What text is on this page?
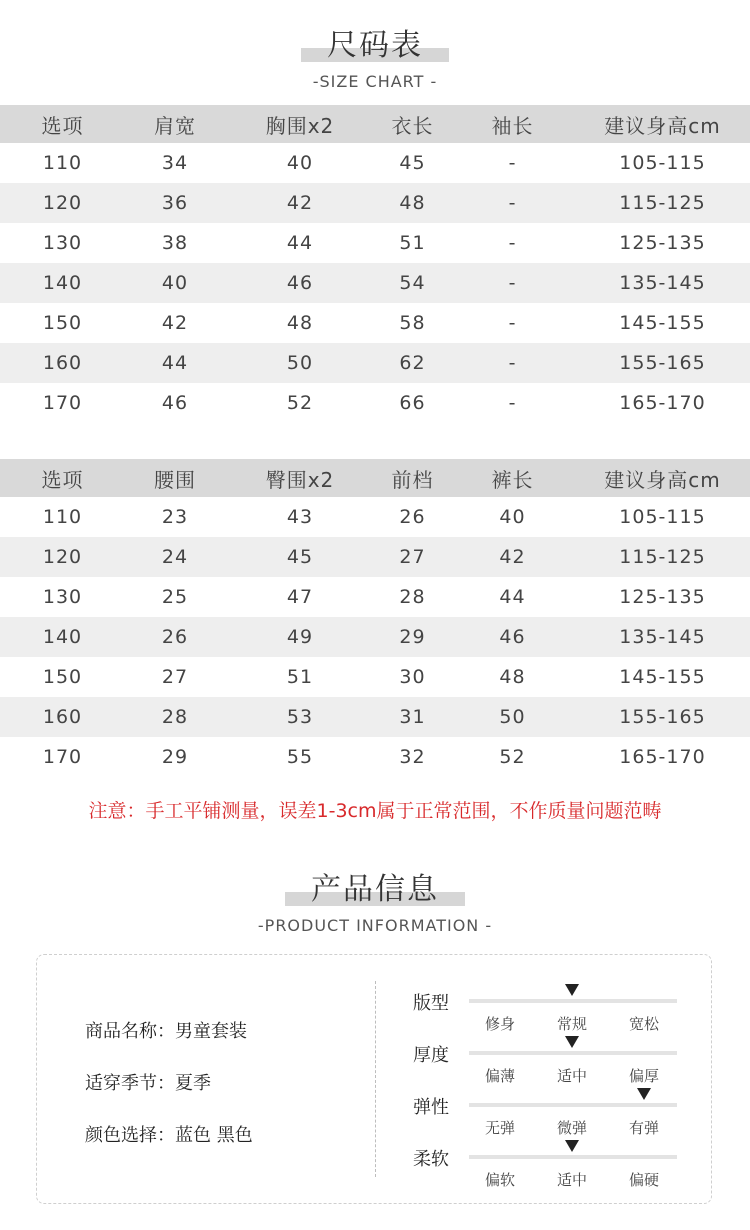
尺码表
-SIZE CHART -
选项	肩宽	胸围x2	衣长	袖长	建议身高cm
110	34	40	45	-	105-115
120	36	42	48	-	115-125
130	38	44	51	-	125-135
140	40	46	54	-	135-145
150	42	48	58	-	145-155
160	44	50	62	-	155-165
170	46	52	66	-	165-170
选项	腰围	臀围x2	前档	裤长	建议身高cm
110	23	43	26	40	105-115
120	24	45	27	42	115-125
130	25	47	28	44	125-135
140	26	49	29	46	135-145
150	27	51	30	48	145-155
160	28	53	31	50	155-165
170	29	55	32	52	165-170
注意：手工平铺测量，误差1-3cm属于正常范围，不作质量问题范畴
产品信息
-PRODUCT INFORMATION -
商品名称：男童套装
适穿季节：夏季
颜色选择：蓝色 黑色
版型
修身	常规	宽松
厚度
偏薄	适中	偏厚
弹性
无弹	微弹	有弹
柔软
偏软	适中	偏硬
